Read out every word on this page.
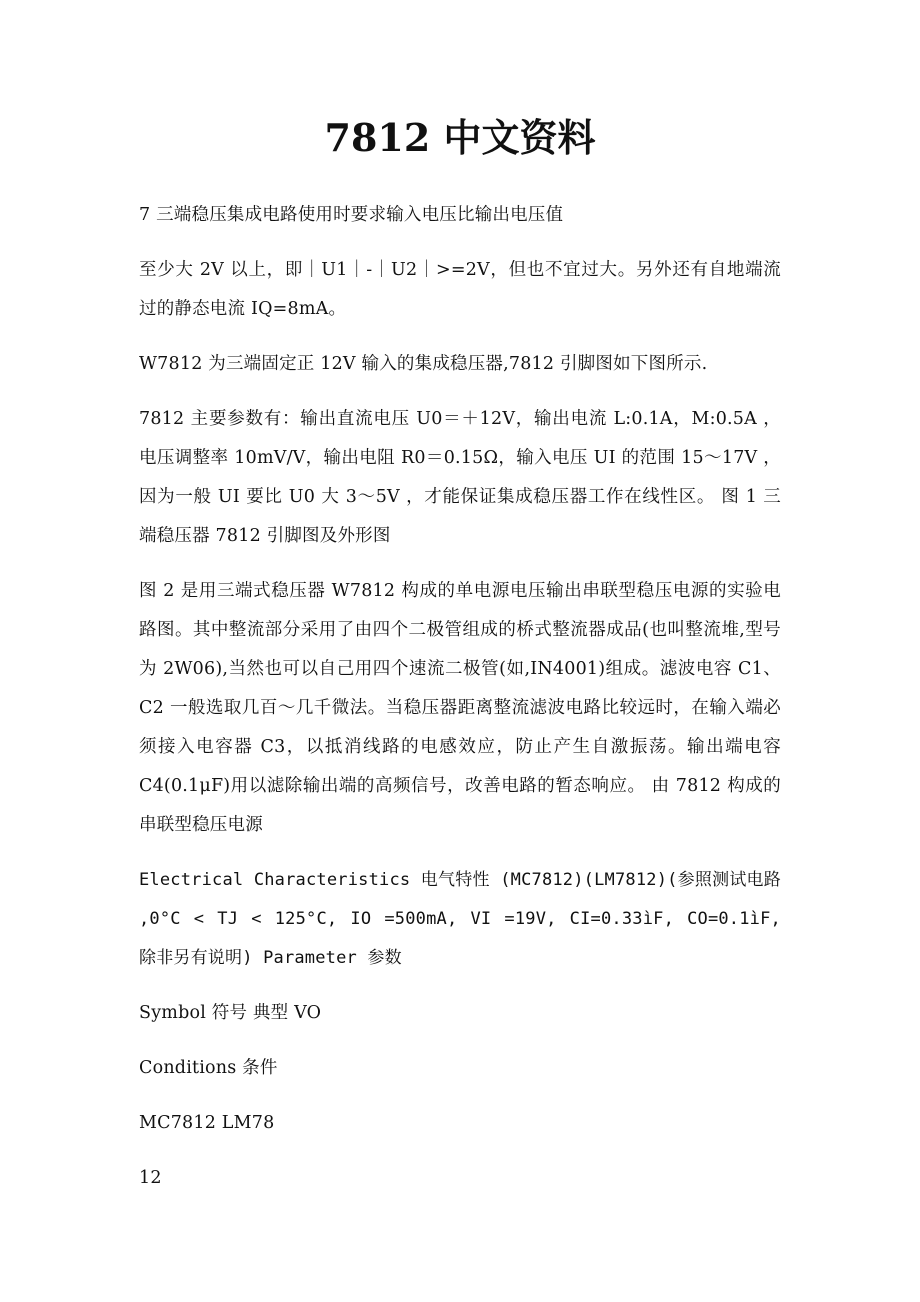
7812 中文资料

7 三端稳压集成电路使用时要求输入电压比输出电压值

至少大 2V 以上，即｜U1｜-｜U2｜>=2V，但也不宜过大。另外还有自地端流过的静态电流 IQ=8mA。

W7812 为三端固定正 12V 输入的集成稳压器,7812 引脚图如下图所示.

7812 主要参数有：输出直流电压 U0＝＋12V，输出电流 L:0.1A，M:0.5A ，电压调整率 10mV/V，输出电阻 R0＝0.15Ω，输入电压 UI 的范围 15～17V ，因为一般 UI 要比 U0 大 3～5V ，才能保证集成稳压器工作在线性区。 图 1 三端稳压器 7812 引脚图及外形图

图 2 是用三端式稳压器 W7812 构成的单电源电压输出串联型稳压电源的实验电路图。其中整流部分采用了由四个二极管组成的桥式整流器成品(也叫整流堆,型号为 2W06),当然也可以自己用四个速流二极管(如,IN4001)组成。滤波电容 C1、C2 一般选取几百～几千微法。当稳压器距离整流滤波电路比较远时，在输入端必须接入电容器 C3，以抵消线路的电感效应，防止产生自激振荡。输出端电容 C4(0.1μF)用以滤除输出端的高频信号，改善电路的暂态响应。 由 7812 构成的串联型稳压电源

Electrical Characteristics 电气特性 (MC7812)(LM7812)(参照测试电路 ,0°C < TJ < 125°C, IO =500mA, VI =19V, CI=0.33ìF, CO=0.1ìF, 除非另有说明) Parameter 参数

Symbol 符号 典型 VO

Conditions 条件

MC7812 LM78

12
